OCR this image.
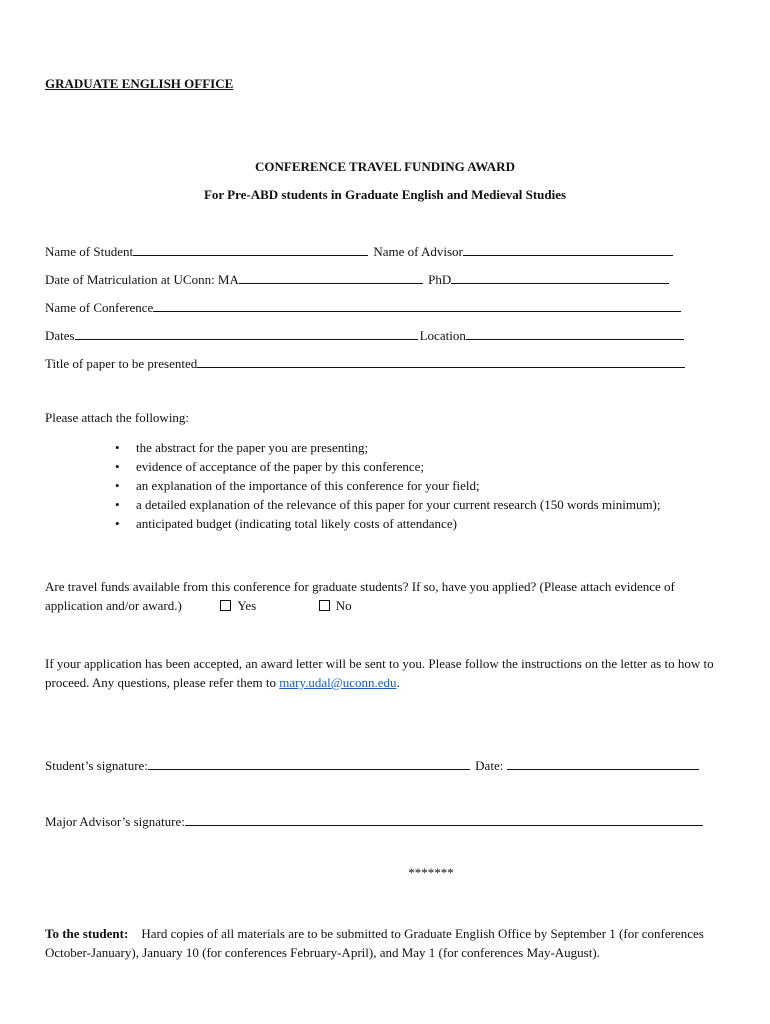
GRADUATE ENGLISH OFFICE
CONFERENCE TRAVEL FUNDING AWARD
For Pre-ABD students in Graduate English and Medieval Studies
Name of Student	Name of Advisor
Date of Matriculation at UConn: MA	PhD
Name of Conference
Dates	Location
Title of paper to be presented
Please attach the following:
• the abstract for the paper you are presenting;
• evidence of acceptance of the paper by this conference;
• an explanation of the importance of this conference for your field;
• a detailed explanation of the relevance of this paper for your current research (150 words minimum);
• anticipated budget (indicating total likely costs of attendance)
Are travel funds available from this conference for graduate students? If so, have you applied? (Please attach evidence of application and/or award.)	Yes	No
If your application has been accepted, an award letter will be sent to you. Please follow the instructions on the letter as to how to proceed. Any questions, please refer them to mary.udal@uconn.edu.
Student’s signature:	Date:
Major Advisor’s signature:
*******
To the student: Hard copies of all materials are to be submitted to Graduate English Office by September 1 (for conferences October-January), January 10 (for conferences February-April), and May 1 (for conferences May-August).
